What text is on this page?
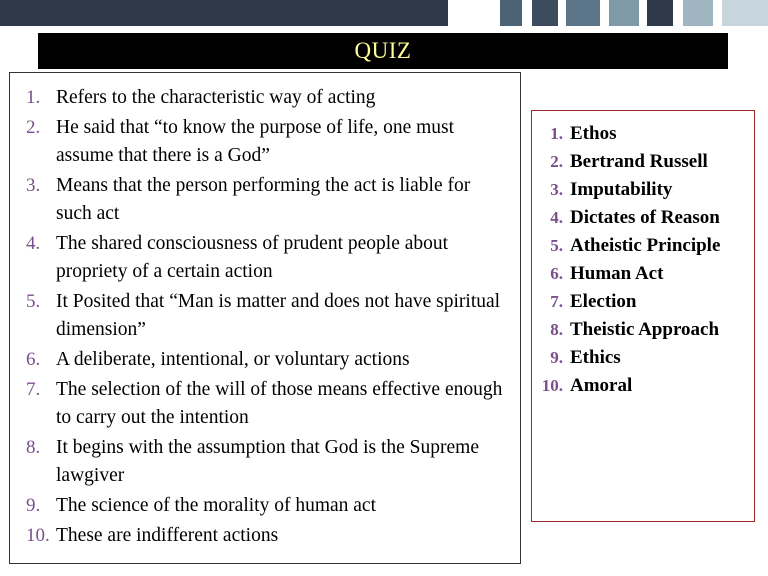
QUIZ
1. Refers to the characteristic way of acting
2. He said that “to know the purpose of life, one must assume that there is a God”
3. Means that the person performing the act is liable for such act
4. The shared consciousness of prudent people about propriety of a certain action
5. It Posited that “Man is matter and does not have spiritual dimension”
6. A deliberate, intentional, or voluntary actions
7. The selection of the will of those means effective enough to carry out the intention
8. It begins with the assumption that God is the Supreme lawgiver
9. The science of the morality of human act
10. These are indifferent actions
1. Ethos
2. Bertrand Russell
3. Imputability
4. Dictates of Reason
5. Atheistic Principle
6. Human Act
7. Election
8. Theistic Approach
9. Ethics
10. Amoral
